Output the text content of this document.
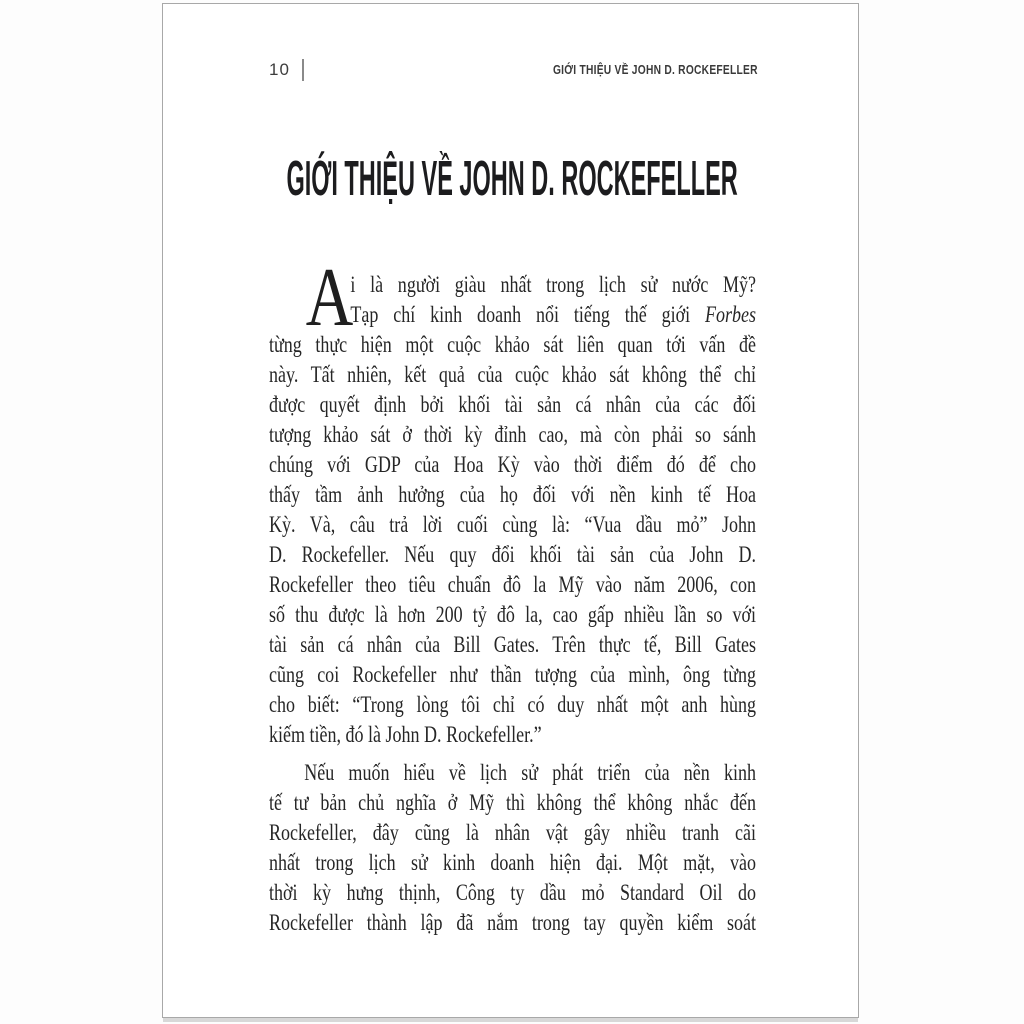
10	GIỚI THIỆU VỀ JOHN D. ROCKEFELLER
GIỚI THIỆU VỀ JOHN D. ROCKEFELLER
A
i là người giàu nhất trong lịch sử nước Mỹ?
Tạp chí kinh doanh nổi tiếng thế giới Forbes
từng thực hiện một cuộc khảo sát liên quan tới vấn đề
này. Tất nhiên, kết quả của cuộc khảo sát không thể chỉ
được quyết định bởi khối tài sản cá nhân của các đối
tượng khảo sát ở thời kỳ đỉnh cao, mà còn phải so sánh
chúng với GDP của Hoa Kỳ vào thời điểm đó để cho
thấy tầm ảnh hưởng của họ đối với nền kinh tế Hoa
Kỳ. Và, câu trả lời cuối cùng là: “Vua dầu mỏ” John
D. Rockefeller. Nếu quy đổi khối tài sản của John D.
Rockefeller theo tiêu chuẩn đô la Mỹ vào năm 2006, con
số thu được là hơn 200 tỷ đô la, cao gấp nhiều lần so với
tài sản cá nhân của Bill Gates. Trên thực tế, Bill Gates
cũng coi Rockefeller như thần tượng của mình, ông từng
cho biết: “Trong lòng tôi chỉ có duy nhất một anh hùng
kiếm tiền, đó là John D. Rockefeller.”
Nếu muốn hiểu về lịch sử phát triển của nền kinh
tế tư bản chủ nghĩa ở Mỹ thì không thể không nhắc đến
Rockefeller, đây cũng là nhân vật gây nhiều tranh cãi
nhất trong lịch sử kinh doanh hiện đại. Một mặt, vào
thời kỳ hưng thịnh, Công ty dầu mỏ Standard Oil do
Rockefeller thành lập đã nắm trong tay quyền kiểm soát
